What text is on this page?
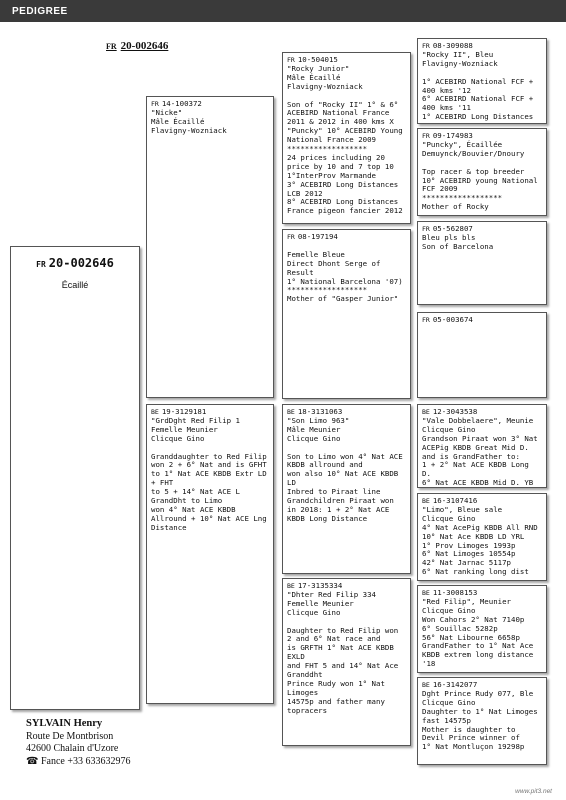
PEDIGREE
FR 20-002646
FR 20-002646
Écaillé
FR 14-100372
"Nicke"
Mâle Écaillé
Flavigny-Wozniack
BE 19-3129181
"GrdDght Red Filip 1
Femelle Meunier
Clicque Gino
Granddaughter to Red Filip
won 2 + 6° Nat and is GFHT
to 1° Nat ACE KBDB Extr LD
+ FHT
to 5 + 14° Nat ACE L
GrandDht to Limo
won 4° Nat ACE KBDB
Allround + 10° Nat ACE Lng
Distance
FR 10-504015
"Rocky Junior"
Mâle Écaillé
Flavigny-Wozniack
Son of "Rocky II" 1° & 6°
ACEBIRD National France
2011 & 2012 in 400 kms X
"Puncky" 10° ACEBIRD Young
National France 2009
******************
24 prices including 20
price by 10 and 7 top 10
1°InterProv Marmande
3° ACEBIRD Long Distances
LCB 2012
8° ACEBIRD Long Distances
France pigeon fancier 2012
FR 08-197194
Femelle Bleue
Direct Dhont Serge of
Result
1° National Barcelona '07)
******************
Mother of "Gasper Junior"
BE 18-3131063
"Son Limo 963"
Mâle Meunier
Clicque Gino
Son to Limo won 4° Nat ACE
KBDB allround and
won also 10° Nat ACE KBDB
LD
Inbred to Piraat line
Grandchildren Piraat won
in 2018: 1 + 2° Nat ACE
KBDB Long Distance
BE 17-3135334
"Dhter Red Filip 334
Femelle Meunier
Clicque Gino
Daughter to Red Filip won
2 and 6° Nat race and
is GRFTH 1° Nat ACE KBDB
EXLD
and FHT 5 and 14° Nat Ace
Granddht
Prince Rudy won 1° Nat
Limoges
14575p and father many
topracers
FR 08-309088
"Rocky II", Bleu
Flavigny-Wozniack
1° ACEBIRD National FCF +
400 kms '12
6° ACEBIRD National FCF +
400 kms '11
1° ACEBIRD Long Distances
FR 09-174983
"Puncky", Écaillée
Demuynck/Bouvier/Dnoury
Top racer & top breeder
10° ACEBIRD young National
FCF 2009
******************
Mother of Rocky
FR 05-562807
Bleu pls bls
Son of Barcelona
FR 05-003674
BE 12-3043538
"Vale Dobbelaere", Meunie
Clicque Gino
Grandson Piraat won 3° Nat
ACEPig KBDB Great Mid D.
and is GrandFather to:
1 + 2° Nat ACE KBDB Long
D.
6° Nat ACE KBDB Mid D. YB
BE 16-3107416
"Limo", Bleue sale
Clicque Gino
4° Nat AcePig KBDB All RND
10° Nat Ace KBDB LD YRL
1° Prov Limoges 1993p
6° Nat Limoges 10554p
42° Nat Jarnac 5117p
6° Nat ranking long dist
BE 11-3008153
"Red Filip", Meunier
Clicque Gino
Won Cahors 2° Nat 7140p
6° Souillac 5282p
56° Nat Libourne 6658p
GrandFather to 1° Nat Ace
KBDB extrem long distance
'18
BE 16-3142077
Dght Prince Rudy 077, Ble
Clicque Gino
Daughter to 1° Nat Limoges
fast 14575p
Mother is daughter to
Devil Prince winner of
1° Nat Montluçon 19298p
SYLVAIN Henry
Route De Montbrison
42600 Chalain d'Uzore
☎ Fance +33 633632976
www.pit3.net
